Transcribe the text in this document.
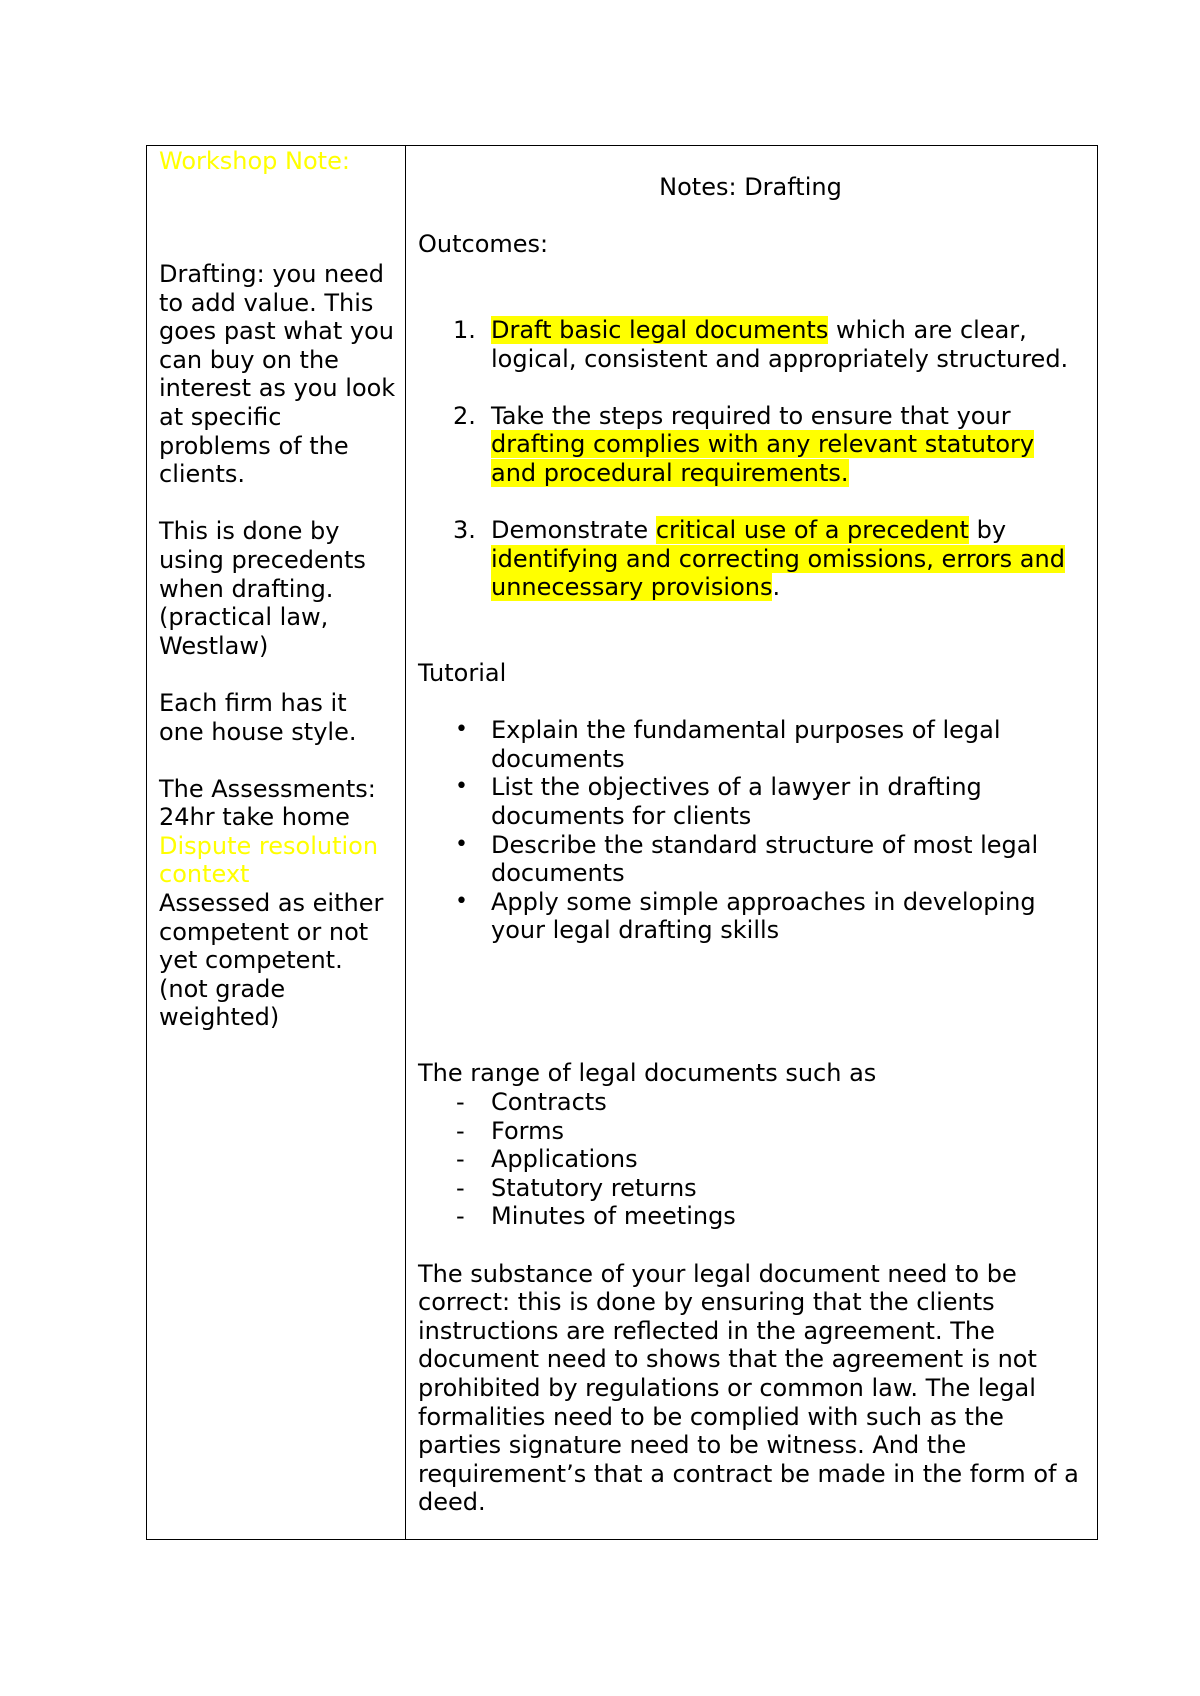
Workshop Note:

Drafting: you need to add value. This goes past what you can buy on the interest as you look at specific problems of the clients.

This is done by using precedents when drafting. (practical law, Westlaw)

Each firm has it one house style.

The Assessments:

24hr take home

Dispute resolution context

Assessed as either competent or not yet competent. (not grade weighted)

Notes: Drafting

Outcomes:

1. Draft basic legal documents which are clear, logical, consistent and appropriately structured.
2. Take the steps required to ensure that your drafting complies with any relevant statutory and procedural requirements.
3. Demonstrate critical use of a precedent by identifying and correcting omissions, errors and unnecessary provisions.

Tutorial

• Explain the fundamental purposes of legal documents
• List the objectives of a lawyer in drafting documents for clients
• Describe the standard structure of most legal documents
• Apply some simple approaches in developing your legal drafting skills

The range of legal documents such as

- Contracts
- Forms
- Applications
- Statutory returns
- Minutes of meetings

The substance of your legal document need to be correct: this is done by ensuring that the clients instructions are reflected in the agreement. The document need to shows that the agreement is not prohibited by regulations or common law. The legal formalities need to be complied with such as the parties signature need to be witness. And the requirement’s that a contract be made in the form of a deed.
